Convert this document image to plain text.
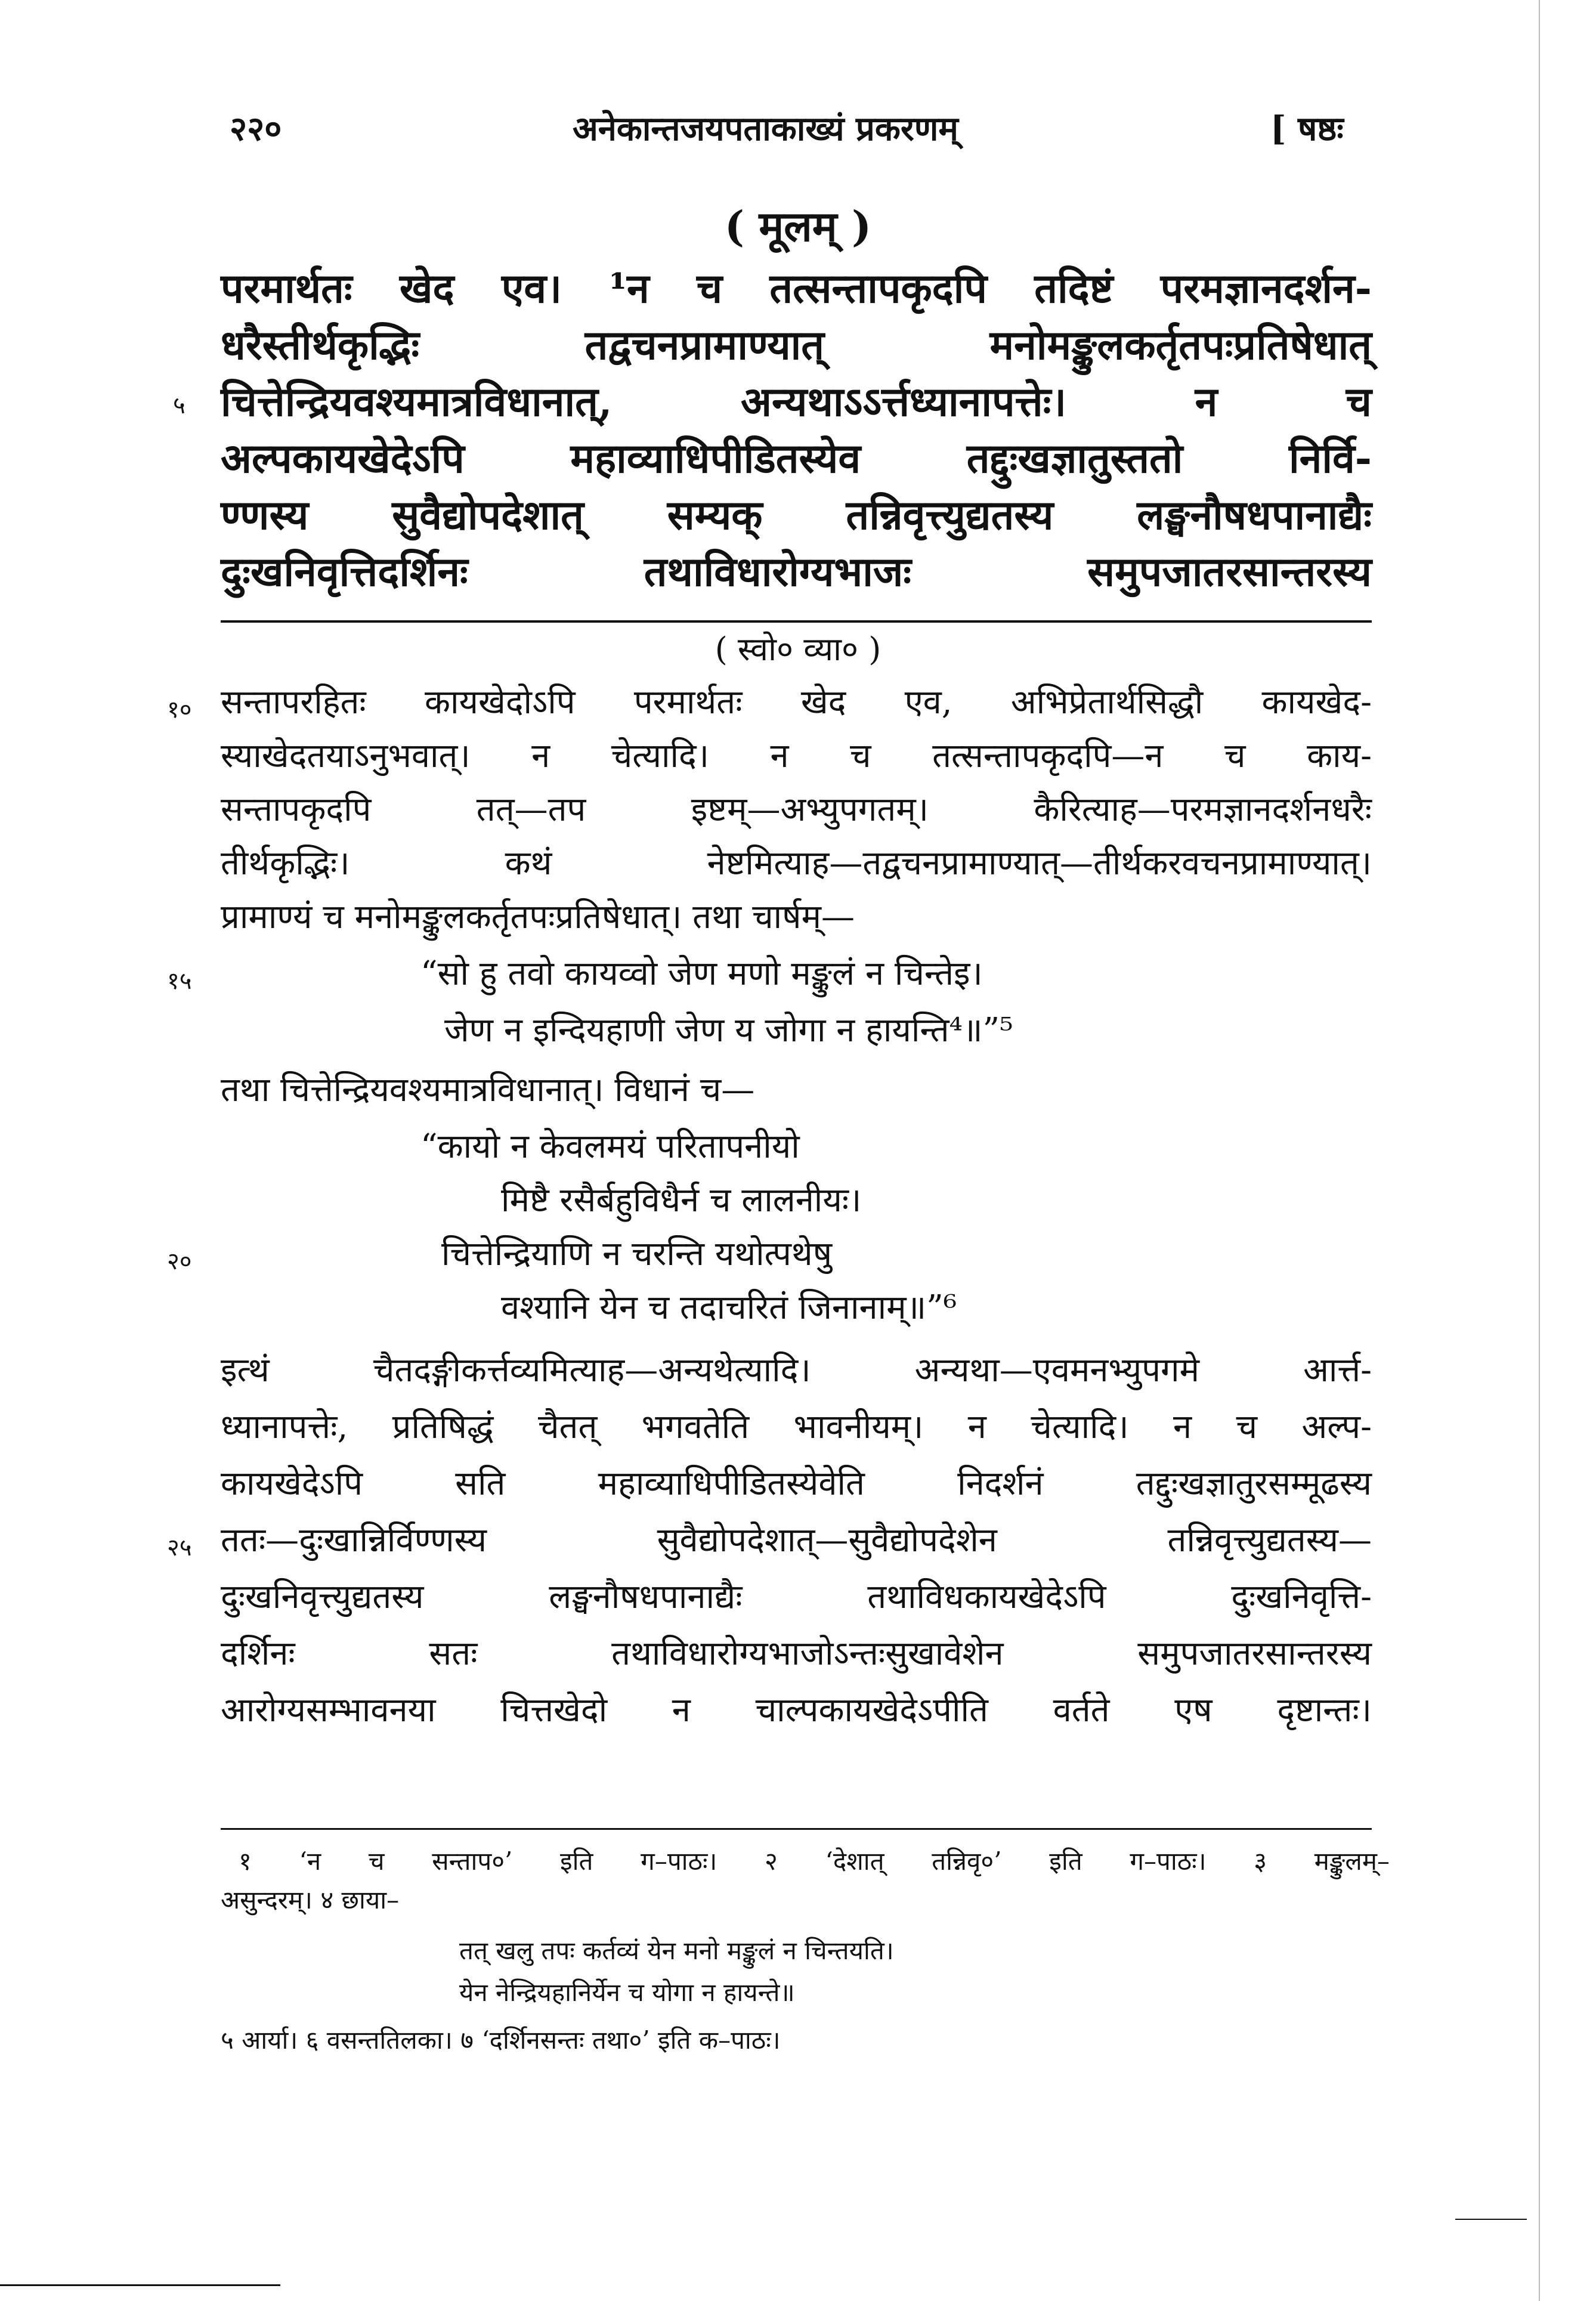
२२०	अनेकान्तजयपताकाख्यं प्रकरणम्	[ षष्ठः
( मूलम् )
परमार्थतः खेद एव। ¹न च तत्सन्तापकृदपि तदिष्टं परमज्ञानदर्शन-
धरैस्तीर्थकृद्भिः तद्वचनप्रामाण्यात् मनोमङ्कुलकर्तृतपःप्रतिषेधात्
चित्तेन्द्रियवश्यमात्रविधानात्, अन्यथाऽऽर्त्तध्यानापत्तेः। न च
अल्पकायखेदेऽपि महाव्याधिपीडितस्येव तद्दुःखज्ञातुस्ततो निर्वि-
ण्णस्य सुवैद्योपदेशात् सम्यक् तन्निवृत्त्युद्यतस्य लङ्घनौषधपानाद्यैः
दुःखनिवृत्तिदर्शिनः तथाविधारोग्यभाजः समुपजातरसान्तरस्य
५
( स्वो० व्या० )
सन्तापरहितः कायखेदोऽपि परमार्थतः खेद एव, अभिप्रेतार्थसिद्धौ कायखेद-
स्याखेदतयाऽनुभवात्। न चेत्यादि। न च तत्सन्तापकृदपि—न च काय-
सन्तापकृदपि तत्—तप इष्टम्—अभ्युपगतम्। कैरित्याह—परमज्ञानदर्शनधरैः
तीर्थकृद्भिः। कथं नेष्टमित्याह—तद्वचनप्रामाण्यात्—तीर्थकरवचनप्रामाण्यात्।
प्रामाण्यं च मनोमङ्कुलकर्तृतपःप्रतिषेधात्। तथा चार्षम्—
१०
“सो हु तवो कायव्वो जेण मणो मङ्कुलं न चिन्तेइ।
जेण न इन्दियहाणी जेण य जोगा न हायन्ति⁴॥”⁵
१५
तथा चित्तेन्द्रियवश्यमात्रविधानात्। विधानं च—
“कायो न केवलमयं परितापनीयो
मिष्टै रसैर्बहुविधैर्न च लालनीयः।
चित्तेन्द्रियाणि न चरन्ति यथोत्पथेषु
वश्यानि येन च तदाचरितं जिनानाम्॥”⁶
२०
इत्थं चैतदङ्गीकर्त्तव्यमित्याह—अन्यथेत्यादि। अन्यथा—एवमनभ्युपगमे आर्त्त-
ध्यानापत्तेः, प्रतिषिद्धं चैतत् भगवतेति भावनीयम्। न चेत्यादि। न च अल्प-
कायखेदेऽपि सति महाव्याधिपीडितस्येवेति निदर्शनं तद्दुःखज्ञातुरसम्मूढस्य
ततः—दुःखान्निर्विण्णस्य सुवैद्योपदेशात्—सुवैद्योपदेशेन तन्निवृत्त्युद्यतस्य—
दुःखनिवृत्त्युद्यतस्य लङ्घनौषधपानाद्यैः तथाविधकायखेदेऽपि दुःखनिवृत्ति-
दर्शिनः सतः तथाविधारोग्यभाजोऽन्तःसुखावेशेन समुपजातरसान्तरस्य
आरोग्यसम्भावनया चित्तखेदो न चाल्पकायखेदेऽपीति वर्तते एष दृष्टान्तः।
२५
१ ‘न च सन्ताप०’ इति ग–पाठः। २ ‘देशात् तन्निवृ०’ इति ग–पाठः। ३ मङ्कुलम्–
असुन्दरम्। ४ छाया–
तत् खलु तपः कर्तव्यं येन मनो मङ्कुलं न चिन्तयति।
येन नेन्द्रियहानिर्येन च योगा न हायन्ते॥
५ आर्या। ६ वसन्ततिलका। ७ ‘दर्शिनसन्तः तथा०’ इति क–पाठः।
